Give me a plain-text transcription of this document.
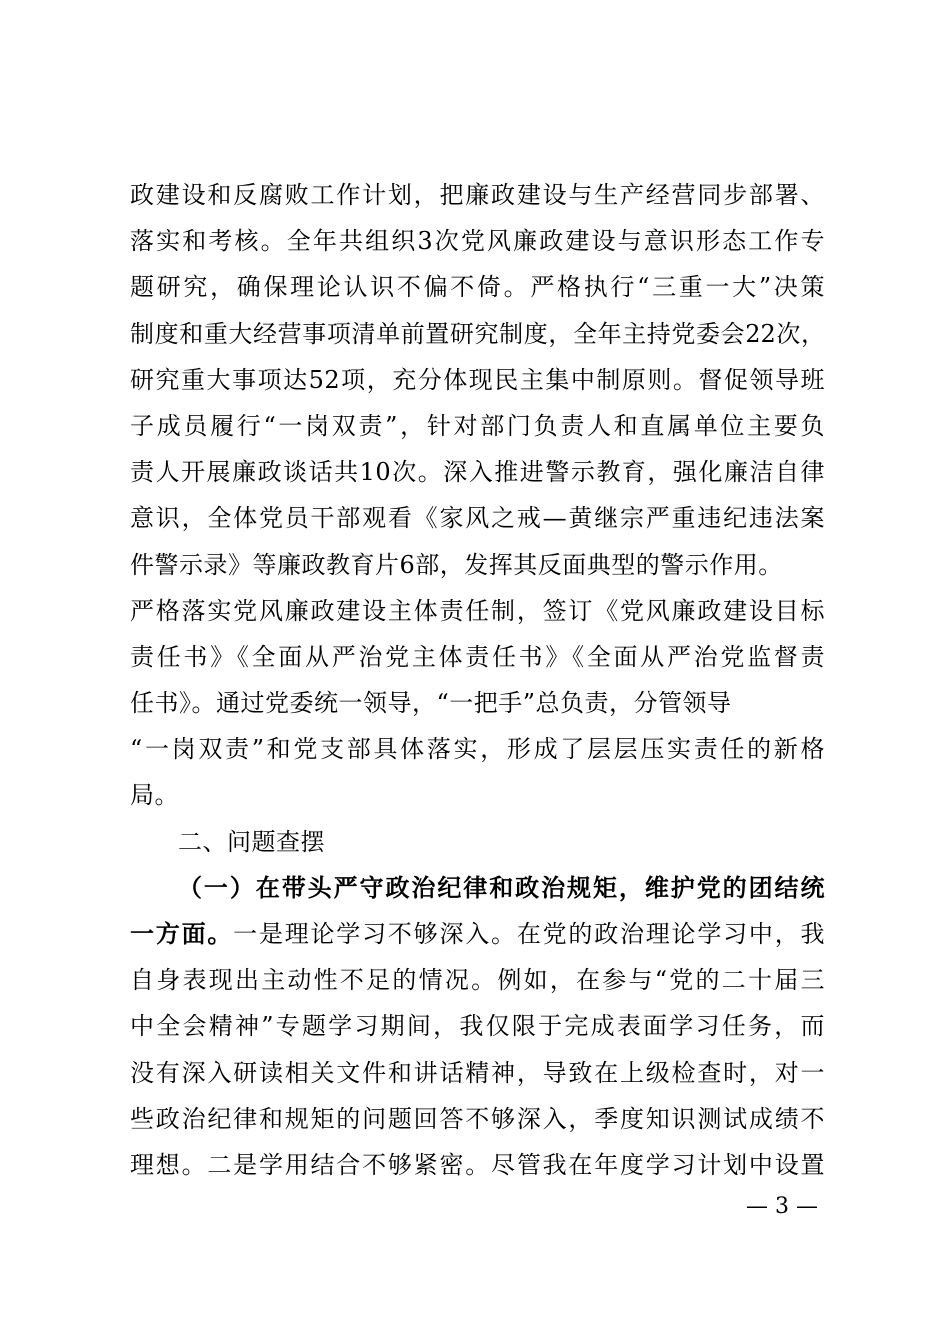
政建设和反腐败工作计划，把廉政建设与生产经营同步部署、
落实和考核。全年共组织3次党风廉政建设与意识形态工作专
题研究，确保理论认识不偏不倚。严格执行“三重一大”决策
制度和重大经营事项清单前置研究制度，全年主持党委会22次，
研究重大事项达52项，充分体现民主集中制原则。督促领导班
子成员履行“一岗双责”，针对部门负责人和直属单位主要负
责人开展廉政谈话共10次。深入推进警示教育，强化廉洁自律
意识，全体党员干部观看《家风之戒—黄继宗严重违纪违法案
件警示录》等廉政教育片6部，发挥其反面典型的警示作用。
严格落实党风廉政建设主体责任制，签订《党风廉政建设目标
责任书》《全面从严治党主体责任书》《全面从严治党监督责
任书》。通过党委统一领导，“一把手”总负责，分管领导
“一岗双责”和党支部具体落实，形成了层层压实责任的新格
局。
二、问题查摆
（一）在带头严守政治纪律和政治规矩，维护党的团结统
一方面。一是理论学习不够深入。在党的政治理论学习中，我
自身表现出主动性不足的情况。例如，在参与“党的二十届三
中全会精神”专题学习期间，我仅限于完成表面学习任务，而
没有深入研读相关文件和讲话精神，导致在上级检查时，对一
些政治纪律和规矩的问题回答不够深入，季度知识测试成绩不
理想。二是学用结合不够紧密。尽管我在年度学习计划中设置
— 3 —
